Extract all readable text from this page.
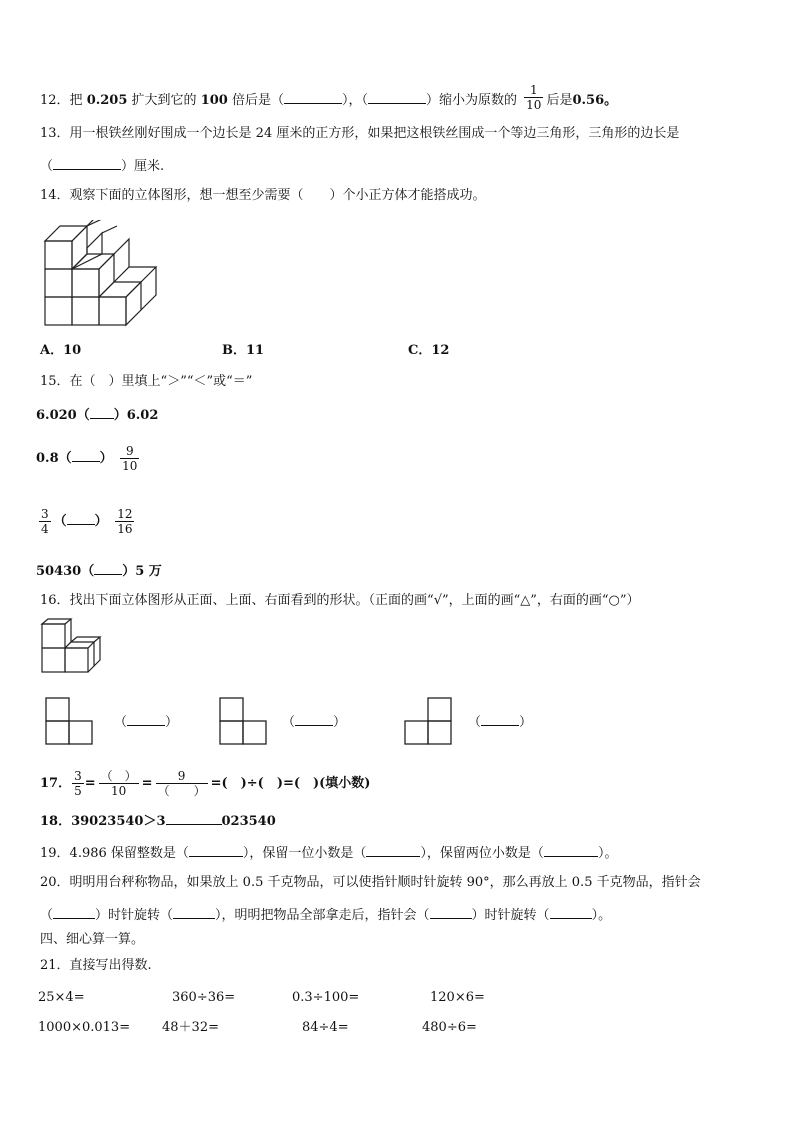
12．把 0.205 扩大到它的 100 倍后是（	），（	）缩小为原数的 $\frac{1}{10}$ 后是0.56。
13．用一根铁丝刚好围成一个边长是 24 厘米的正方形，如果把这根铁丝围成一个等边三角形，三角形的边长是
（	）厘米.
14．观察下面的立体图形，想一想至少需要（　　）个小正方体才能搭成功。
A．10	B．11	C．12
15．在（　）里填上“＞”“＜”或“＝”
6.020（ ）6.02
0.8（ ） $\frac{9}{10}$
$\frac{3}{4}$ （ ） $\frac{12}{16}$
50430（ ）5 万
16．找出下面立体图形从正面、上面、右面看到的形状。（正面的画“√”，上面的画“△”，右面的画“○”）
（	）	（	）	（	）
17． $\frac{3}{5} = \frac{( )}{10} = \frac{9}{( )}$ =(　)÷(　)=(　)(填小数)
18．39023540＞3	023540
19．4.986 保留整数是（	），保留一位小数是（	），保留两位小数是（	）。
20．明明用台秤称物品，如果放上 0.5 千克物品，可以使指针顺时针旋转 90°，那么再放上 0.5 千克物品，指针会
（	）时针旋转（	），明明把物品全部拿走后，指针会（	）时针旋转（	）。
四、细心算一算。
21．直接写出得数.
25×4=	360÷36=	0.3÷100=	120×6=
1000×0.013= 48＋32=	84÷4=	480÷6=
